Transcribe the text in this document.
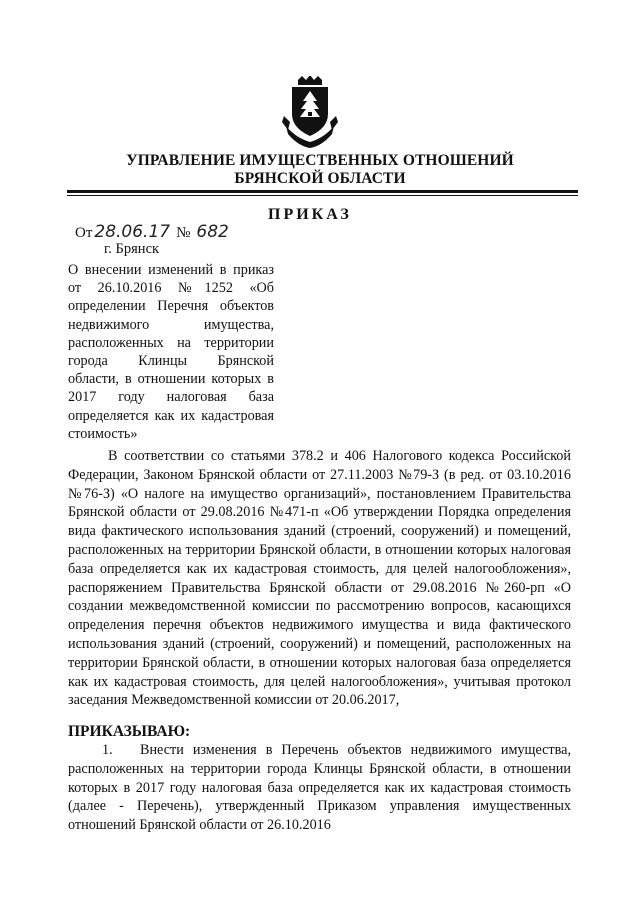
УПРАВЛЕНИЕ ИМУЩЕСТВЕННЫХ ОТНОШЕНИЙ
БРЯНСКОЙ ОБЛАСТИ
ПРИКАЗ
От 28.06.17 № 682
г. Брянск
О внесении изменений в приказ от 26.10.2016 №1252 «Об определении Перечня объектов недвижимого имущества, расположенных на территории города Клинцы Брянской области, в отношении которых в 2017 году налоговая база определяется как их кадастровая стоимость»
В соответствии со статьями 378.2 и 406 Налогового кодекса Российской Федерации, Законом Брянской области от 27.11.2003 №79-З (в ред. от 03.10.2016 №76-З) «О налоге на имущество организаций», постановлением Правительства Брянской области от 29.08.2016 №471-п «Об утверждении Порядка определения вида фактического использования зданий (строений, сооружений) и помещений, расположенных на территории Брянской области, в отношении которых налоговая база определяется как их кадастровая стоимость, для целей налогообложения», распоряжением Правительства Брянской области от 29.08.2016 №260-рп «О создании межведомственной комиссии по рассмотрению вопросов, касающихся определения перечня объектов недвижимого имущества и вида фактического использования зданий (строений, сооружений) и помещений, расположенных на территории Брянской области, в отношении которых налоговая база определяется как их кадастровая стоимость, для целей налогообложения», учитывая протокол заседания Межведомственной комиссии от 20.06.2017,
ПРИКАЗЫВАЮ:
1. Внести изменения в Перечень объектов недвижимого имущества, расположенных на территории города Клинцы Брянской области, в отношении которых в 2017 году налоговая база определяется как их кадастровая стоимость (далее - Перечень), утвержденный Приказом управления имущественных отношений Брянской области от 26.10.2016
